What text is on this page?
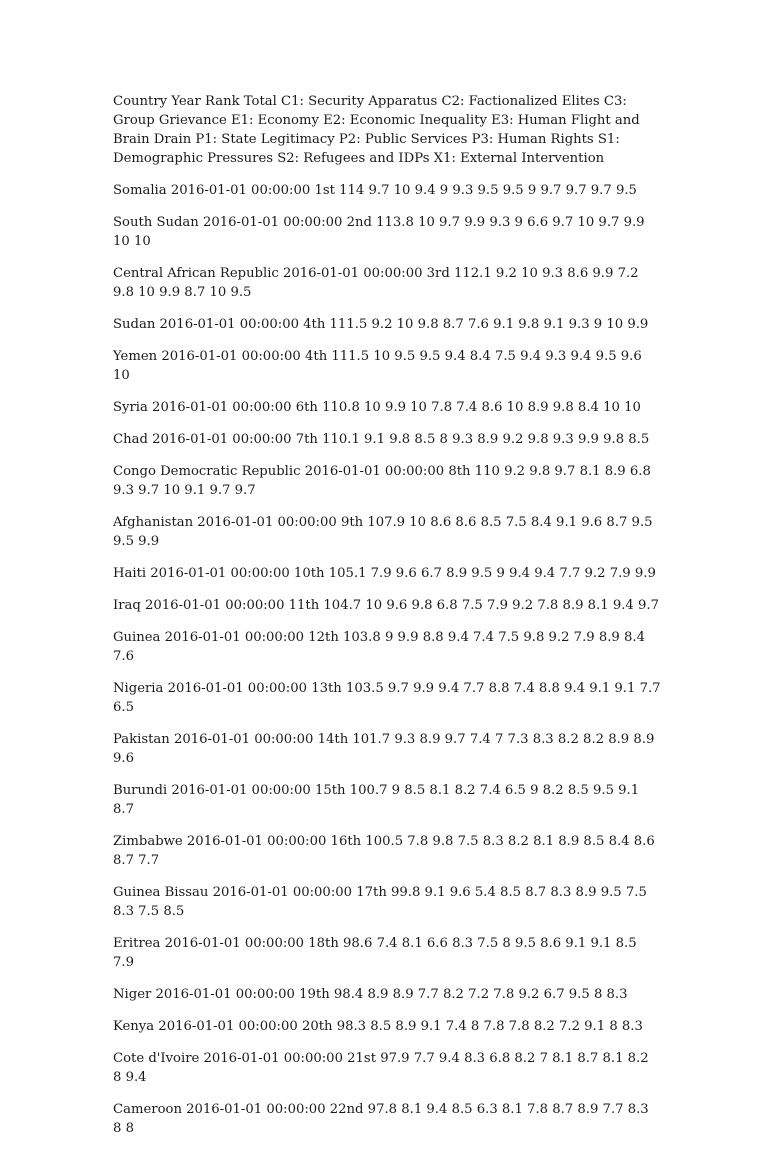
Country Year Rank Total C1: Security Apparatus C2: Factionalized Elites C3: Group Grievance E1: Economy E2: Economic Inequality E3: Human Flight and Brain Drain P1: State Legitimacy P2: Public Services P3: Human Rights S1: Demographic Pressures S2: Refugees and IDPs X1: External Intervention

Somalia 2016-01-01 00:00:00 1st 114 9.7 10 9.4 9 9.3 9.5 9.5 9 9.7 9.7 9.7 9.5

South Sudan 2016-01-01 00:00:00 2nd 113.8 10 9.7 9.9 9.3 9 6.6 9.7 10 9.7 9.9 10 10

Central African Republic 2016-01-01 00:00:00 3rd 112.1 9.2 10 9.3 8.6 9.9 7.2 9.8 10 9.9 8.7 10 9.5

Sudan 2016-01-01 00:00:00 4th 111.5 9.2 10 9.8 8.7 7.6 9.1 9.8 9.1 9.3 9 10 9.9

Yemen 2016-01-01 00:00:00 4th 111.5 10 9.5 9.5 9.4 8.4 7.5 9.4 9.3 9.4 9.5 9.6 10

Syria 2016-01-01 00:00:00 6th 110.8 10 9.9 10 7.8 7.4 8.6 10 8.9 9.8 8.4 10 10

Chad 2016-01-01 00:00:00 7th 110.1 9.1 9.8 8.5 8 9.3 8.9 9.2 9.8 9.3 9.9 9.8 8.5

Congo Democratic Republic 2016-01-01 00:00:00 8th 110 9.2 9.8 9.7 8.1 8.9 6.8 9.3 9.7 10 9.1 9.7 9.7

Afghanistan 2016-01-01 00:00:00 9th 107.9 10 8.6 8.6 8.5 7.5 8.4 9.1 9.6 8.7 9.5 9.5 9.9

Haiti 2016-01-01 00:00:00 10th 105.1 7.9 9.6 6.7 8.9 9.5 9 9.4 9.4 7.7 9.2 7.9 9.9

Iraq 2016-01-01 00:00:00 11th 104.7 10 9.6 9.8 6.8 7.5 7.9 9.2 7.8 8.9 8.1 9.4 9.7

Guinea 2016-01-01 00:00:00 12th 103.8 9 9.9 8.8 9.4 7.4 7.5 9.8 9.2 7.9 8.9 8.4 7.6

Nigeria 2016-01-01 00:00:00 13th 103.5 9.7 9.9 9.4 7.7 8.8 7.4 8.8 9.4 9.1 9.1 7.7 6.5

Pakistan 2016-01-01 00:00:00 14th 101.7 9.3 8.9 9.7 7.4 7 7.3 8.3 8.2 8.2 8.9 8.9 9.6

Burundi 2016-01-01 00:00:00 15th 100.7 9 8.5 8.1 8.2 7.4 6.5 9 8.2 8.5 9.5 9.1 8.7

Zimbabwe 2016-01-01 00:00:00 16th 100.5 7.8 9.8 7.5 8.3 8.2 8.1 8.9 8.5 8.4 8.6 8.7 7.7

Guinea Bissau 2016-01-01 00:00:00 17th 99.8 9.1 9.6 5.4 8.5 8.7 8.3 8.9 9.5 7.5 8.3 7.5 8.5

Eritrea 2016-01-01 00:00:00 18th 98.6 7.4 8.1 6.6 8.3 7.5 8 9.5 8.6 9.1 9.1 8.5 7.9

Niger 2016-01-01 00:00:00 19th 98.4 8.9 8.9 7.7 8.2 7.2 7.8 9.2 6.7 9.5 8 8.3

Kenya 2016-01-01 00:00:00 20th 98.3 8.5 8.9 9.1 7.4 8 7.8 7.8 8.2 7.2 9.1 8 8.3

Cote d'Ivoire 2016-01-01 00:00:00 21st 97.9 7.7 9.4 8.3 6.8 8.2 7 8.1 8.7 8.1 8.2 8 9.4

Cameroon 2016-01-01 00:00:00 22nd 97.8 8.1 9.4 8.5 6.3 8.1 7.8 8.7 8.9 7.7 8.3 8 8
